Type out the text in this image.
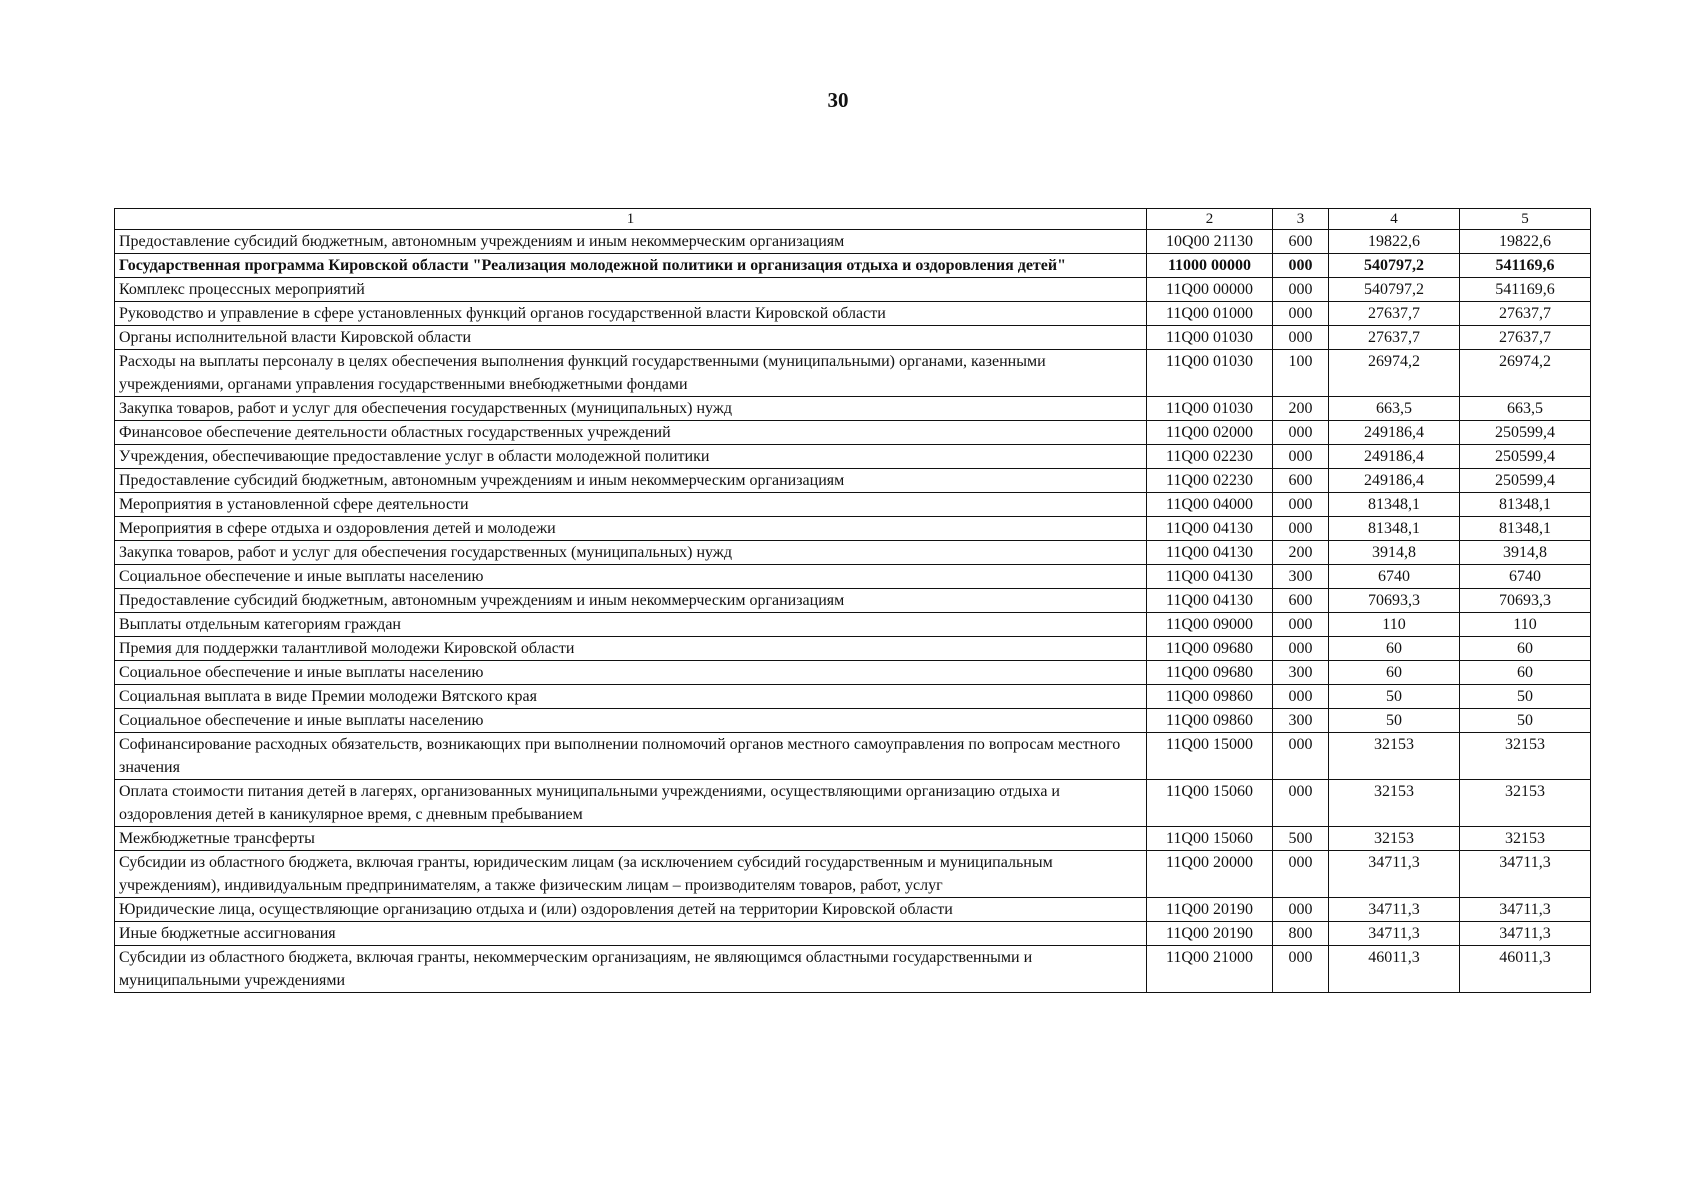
30
1	2	3	4	5
Предоставление субсидий бюджетным, автономным учреждениям и иным некоммерческим организациям	10Q00 21130	600	19822,6	19822,6
Государственная программа Кировской области "Реализация молодежной политики и организация отдыха и оздоровления детей"	11000 00000	000	540797,2	541169,6
Комплекс процессных мероприятий	11Q00 00000	000	540797,2	541169,6
Руководство и управление в сфере установленных функций органов государственной власти Кировской области	11Q00 01000	000	27637,7	27637,7
Органы исполнительной власти Кировской области	11Q00 01030	000	27637,7	27637,7
Расходы на выплаты персоналу в целях обеспечения выполнения функций государственными (муниципальными) органами, казенными учреждениями, органами управления государственными внебюджетными фондами	11Q00 01030	100	26974,2	26974,2
Закупка товаров, работ и услуг для обеспечения государственных (муниципальных) нужд	11Q00 01030	200	663,5	663,5
Финансовое обеспечение деятельности областных государственных учреждений	11Q00 02000	000	249186,4	250599,4
Учреждения, обеспечивающие предоставление услуг в области молодежной политики	11Q00 02230	000	249186,4	250599,4
Предоставление субсидий бюджетным, автономным учреждениям и иным некоммерческим организациям	11Q00 02230	600	249186,4	250599,4
Мероприятия в установленной сфере деятельности	11Q00 04000	000	81348,1	81348,1
Мероприятия в сфере отдыха и оздоровления детей и молодежи	11Q00 04130	000	81348,1	81348,1
Закупка товаров, работ и услуг для обеспечения государственных (муниципальных) нужд	11Q00 04130	200	3914,8	3914,8
Социальное обеспечение и иные выплаты населению	11Q00 04130	300	6740	6740
Предоставление субсидий бюджетным, автономным учреждениям и иным некоммерческим организациям	11Q00 04130	600	70693,3	70693,3
Выплаты отдельным категориям граждан	11Q00 09000	000	110	110
Премия для поддержки талантливой молодежи Кировской области	11Q00 09680	000	60	60
Социальное обеспечение и иные выплаты населению	11Q00 09680	300	60	60
Социальная выплата в виде Премии молодежи Вятского края	11Q00 09860	000	50	50
Социальное обеспечение и иные выплаты населению	11Q00 09860	300	50	50
Софинансирование расходных обязательств, возникающих при выполнении полномочий органов местного самоуправления по вопросам местного значения	11Q00 15000	000	32153	32153
Оплата стоимости питания детей в лагерях, организованных муниципальными учреждениями, осуществляющими организацию отдыха и оздоровления детей в каникулярное время, с дневным пребыванием	11Q00 15060	000	32153	32153
Межбюджетные трансферты	11Q00 15060	500	32153	32153
Субсидии из областного бюджета, включая гранты, юридическим лицам (за исключением субсидий государственным и муниципальным учреждениям), индивидуальным предпринимателям, а также физическим лицам – производителям товаров, работ, услуг	11Q00 20000	000	34711,3	34711,3
Юридические лица, осуществляющие организацию отдыха и (или) оздоровления детей на территории Кировской области	11Q00 20190	000	34711,3	34711,3
Иные бюджетные ассигнования	11Q00 20190	800	34711,3	34711,3
Субсидии из областного бюджета, включая гранты, некоммерческим организациям, не являющимся областными государственными и муниципальными учреждениями	11Q00 21000	000	46011,3	46011,3
